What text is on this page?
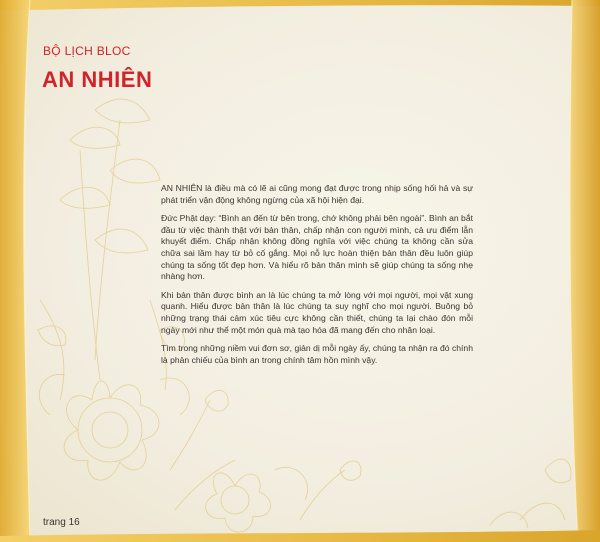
BỘ LỊCH BLOC
AN NHIÊN

AN NHIÊN là điều mà có lẽ ai cũng mong đạt được trong nhịp sống hối hả và sự phát triển vận động không ngừng của xã hội hiện đại.

Đức Phật dạy: “Bình an đến từ bên trong, chớ không phải bên ngoài”. Bình an bắt đầu từ việc thành thật với bản thân, chấp nhận con người mình, cả ưu điểm lẫn khuyết điểm. Chấp nhận không đồng nghĩa với việc chúng ta không cần sửa chữa sai lầm hay từ bỏ cố gắng. Mọi nỗ lực hoàn thiện bản thân đều luôn giúp chúng ta sống tốt đẹp hơn. Và hiểu rõ bản thân mình sẽ giúp chúng ta sống nhẹ nhàng hơn.

Khi bản thân được bình an là lúc chúng ta mở lòng với mọi người, mọi vật xung quanh. Hiểu được bản thân là lúc chúng ta suy nghĩ cho mọi người. Buông bỏ những trạng thái cảm xúc tiêu cực không cần thiết, chúng ta lại chào đón mỗi ngày mới như thể một món quà mà tạo hóa đã mang đến cho nhân loại.

Tìm trong những niềm vui đơn sơ, giản dị mỗi ngày ấy, chúng ta nhận ra đó chính là phản chiếu của bình an trong chính tâm hồn mình vậy.

trang 16
